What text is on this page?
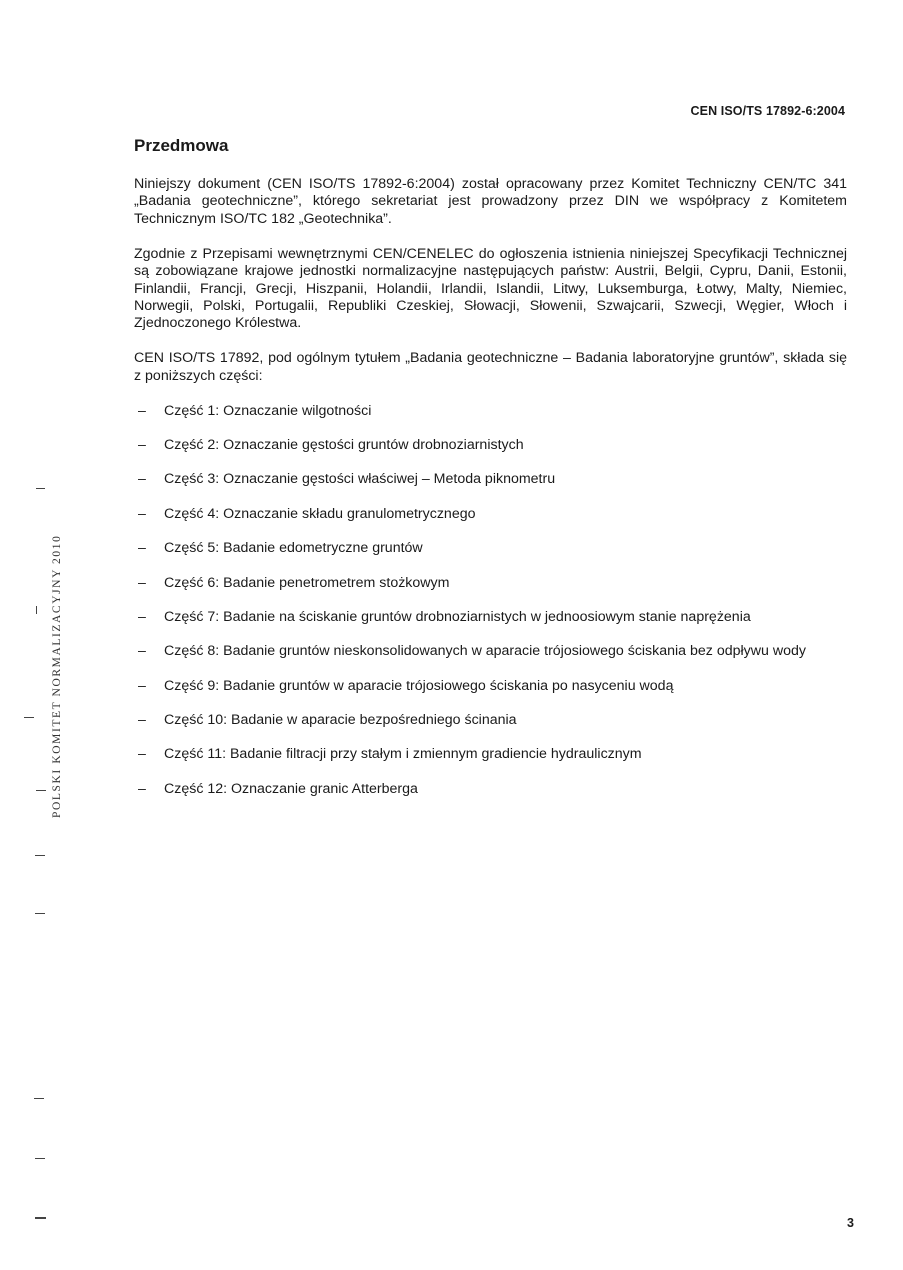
CEN ISO/TS 17892-6:2004
Przedmowa

Niniejszy dokument (CEN ISO/TS 17892-6:2004) został opracowany przez Komitet Techniczny CEN/TC 341 „Badania geotechniczne”, którego sekretariat jest prowadzony przez DIN we współpracy z Komitetem Technicznym ISO/TC 182 „Geotechnika”.

Zgodnie z Przepisami wewnętrznymi CEN/CENELEC do ogłoszenia istnienia niniejszej Specyfikacji Technicznej są zobowiązane krajowe jednostki normalizacyjne następujących państw: Austrii, Belgii, Cypru, Danii, Estonii, Finlandii, Francji, Grecji, Hiszpanii, Holandii, Irlandii, Islandii, Litwy, Luksemburga, Łotwy, Malty, Niemiec, Norwegii, Polski, Portugalii, Republiki Czeskiej, Słowacji, Słowenii, Szwajcarii, Szwecji, Węgier, Włoch i Zjednoczonego Królestwa.

CEN ISO/TS 17892, pod ogólnym tytułem „Badania geotechniczne – Badania laboratoryjne gruntów”, składa się z poniższych części:

– Część 1: Oznaczanie wilgotności
– Część 2: Oznaczanie gęstości gruntów drobnoziarnistych
– Część 3: Oznaczanie gęstości właściwej – Metoda piknometru
– Część 4: Oznaczanie składu granulometrycznego
– Część 5: Badanie edometryczne gruntów
– Część 6: Badanie penetrometrem stożkowym
– Część 7: Badanie na ściskanie gruntów drobnoziarnistych w jednoosiowym stanie naprężenia
– Część 8: Badanie gruntów nieskonsolidowanych w aparacie trójosiowego ściskania bez odpływu wody
– Część 9: Badanie gruntów w aparacie trójosiowego ściskania po nasyceniu wodą
– Część 10: Badanie w aparacie bezpośredniego ścinania
– Część 11: Badanie filtracji przy stałym i zmiennym gradiencie hydraulicznym
– Część 12: Oznaczanie granic Atterberga
POLSKI KOMITET NORMALIZACYJNY 2010
3
